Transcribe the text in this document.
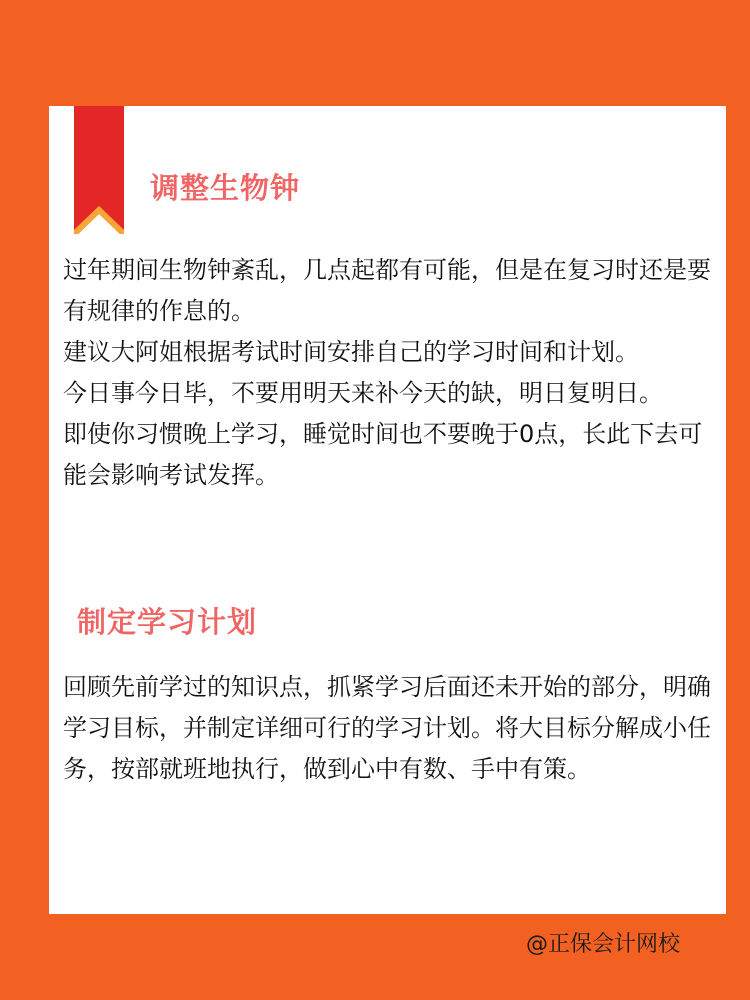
调整生物钟
过年期间生物钟紊乱，几点起都有可能，但是在复习时还是要有规律的作息的。
建议大阿姐根据考试时间安排自己的学习时间和计划。
今日事今日毕，不要用明天来补今天的缺，明日复明日。
即使你习惯晚上学习，睡觉时间也不要晚于0点，长此下去可能会影响考试发挥。
制定学习计划
回顾先前学过的知识点，抓紧学习后面还未开始的部分，明确学习目标，并制定详细可行的学习计划。将大目标分解成小任务，按部就班地执行，做到心中有数、手中有策。
@正保会计网校
